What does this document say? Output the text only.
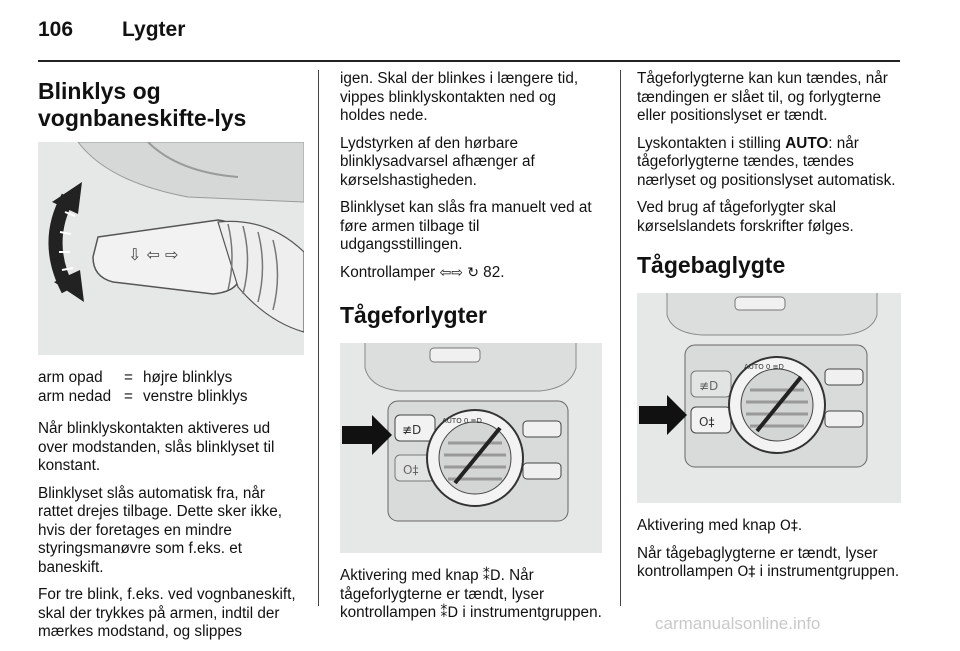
106 Lygter
Blinklys og
vognbaneskifte-lys
⇩ ⇦ ⇨
arm opad	= højre blinklys
arm nedad = venstre blinklys

Når blinklyskontakten aktiveres ud over modstanden, slås blinklyset til konstant.

Blinklyset slås automatisk fra, når rattet drejes tilbage. Dette sker ikke, hvis der foretages en mindre styringsmanøvre som f.eks. et baneskift.

For tre blink, f.eks. ved vognbaneskift, skal der trykkes på armen, indtil der mærkes modstand, og slippes

igen. Skal der blinkes i længere tid, vippes blinklyskontakten ned og holdes nede.

Lydstyrken af den hørbare blinklysadvarsel afhænger af kørselshastigheden.

Blinklyset kan slås fra manuelt ved at føre armen tilbage til udgangsstillingen.

Kontrollamper ⇦⇨ ↻ 82.

Tågeforlygter
≢D
O‡
AUTO 0 ≡D

Aktivering med knap ⁑D. Når tågeforlygterne er tændt, lyser kontrollampen ⁑D i instrumentgruppen.

Tågeforlygterne kan kun tændes, når tændingen er slået til, og forlygterne eller positionslyset er tændt.

Lyskontakten i stilling AUTO: når tågeforlygterne tændes, tændes nærlyset og positionslyset automatisk.

Ved brug af tågeforlygter skal kørselslandets forskrifter følges.

Tågebaglygte
≢D
O‡
AUTO 0 ≡D

Aktivering med knap O‡.

Når tågebaglygterne er tændt, lyser kontrollampen O‡ i instrumentgruppen.

carmanualsonline.info
